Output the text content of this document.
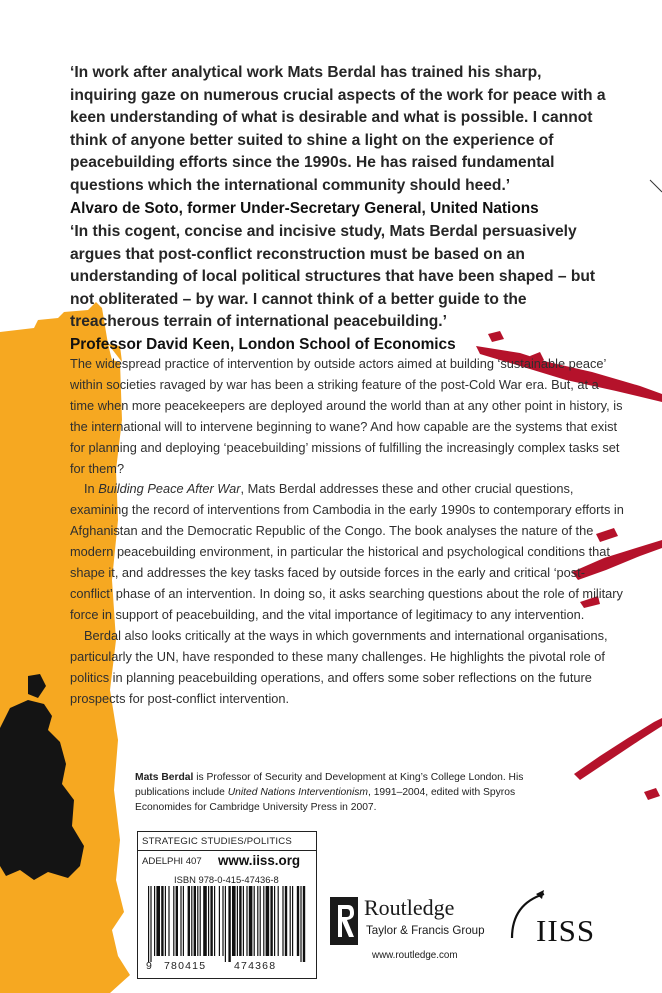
‘In work after analytical work Mats Berdal has trained his sharp, inquiring gaze on numerous crucial aspects of the work for peace with a keen understanding of what is desirable and what is possible. I cannot think of anyone better suited to shine a light on the experience of peacebuilding efforts since the 1990s. He has raised fundamental questions which the international community should heed.’
Alvaro de Soto, former Under-Secretary General, United Nations
‘In this cogent, concise and incisive study, Mats Berdal persuasively argues that post-conflict reconstruction must be based on an understanding of local political structures that have been shaped – but not obliterated – by war. I cannot think of a better guide to the treacherous terrain of international peacebuilding.’
Professor David Keen, London School of Economics

The widespread practice of intervention by outside actors aimed at building ‘sustainable peace’ within societies ravaged by war has been a striking feature of the post-Cold War era. But, at a time when more peacekeepers are deployed around the world than at any other point in history, is the international will to intervene beginning to wane? And how capable are the systems that exist for planning and deploying ‘peacebuilding’ missions of fulfilling the increasingly complex tasks set for them?

In Building Peace After War, Mats Berdal addresses these and other crucial questions, examining the record of interventions from Cambodia in the early 1990s to contemporary efforts in Afghanistan and the Democratic Republic of the Congo. The book analyses the nature of the modern peacebuilding environment, in particular the historical and psychological conditions that shape it, and addresses the key tasks faced by outside forces in the early and critical ‘post-conflict’ phase of an intervention. In doing so, it asks searching questions about the role of military force in support of peacebuilding, and the vital importance of legitimacy to any intervention.

Berdal also looks critically at the ways in which governments and international organisations, particularly the UN, have responded to these many challenges. He highlights the pivotal role of politics in planning peacebuilding operations, and offers some sober reflections on the future prospects for post-conflict intervention.

Mats Berdal is Professor of Security and Development at King’s College London. His publications include United Nations Interventionism, 1991–2004, edited with Spyros Economides for Cambridge University Press in 2007.
STRATEGIC STUDIES/POLITICS
ADELPHI 407 www.iiss.org
ISBN 978-0-415-47436-8
9 780415	474368
Routledge
Taylor & Francis Group
www.routledge.com
IISS
